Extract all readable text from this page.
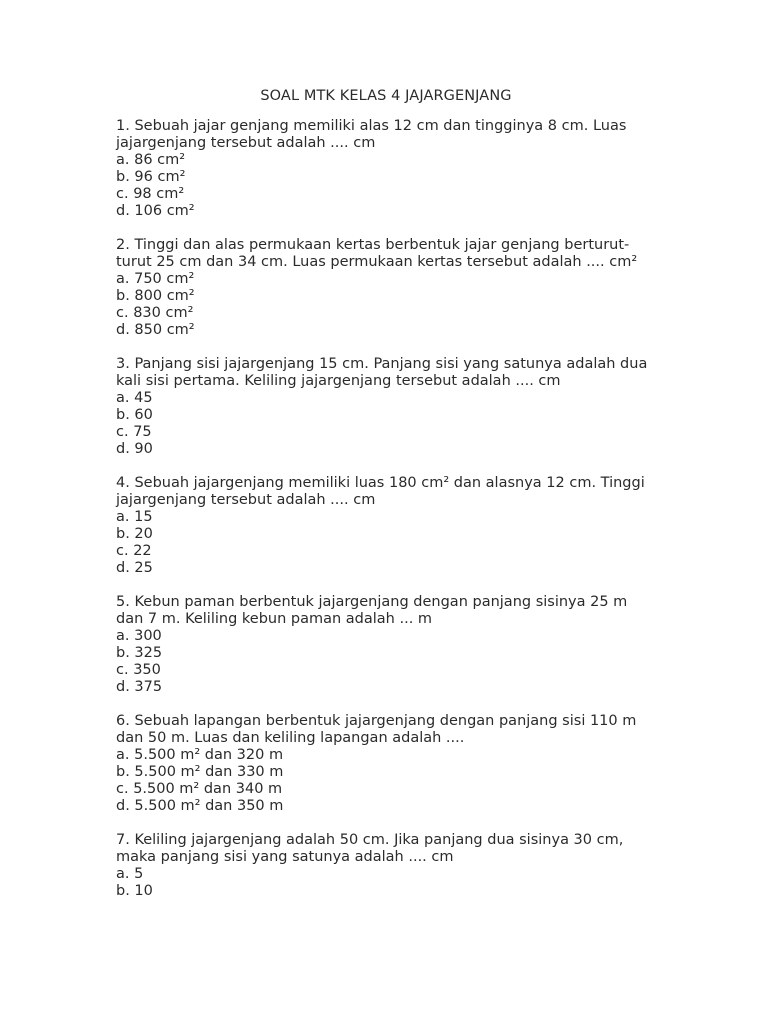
SOAL MTK KELAS 4 JAJARGENJANG

1. Sebuah jajar genjang memiliki alas 12 cm dan tingginya 8 cm. Luas jajargenjang tersebut adalah .... cm

a. 86 cm²

b. 96 cm²

c. 98 cm²

d. 106 cm²

2. Tinggi dan alas permukaan kertas berbentuk jajar genjang berturut-turut 25 cm dan 34 cm. Luas permukaan kertas tersebut adalah .... cm²

a. 750 cm²

b. 800 cm²

c. 830 cm²

d. 850 cm²

3. Panjang sisi jajargenjang 15 cm. Panjang sisi yang satunya adalah dua kali sisi pertama. Keliling jajargenjang tersebut adalah .... cm

a. 45

b. 60

c. 75

d. 90

4. Sebuah jajargenjang memiliki luas 180 cm² dan alasnya 12 cm. Tinggi jajargenjang tersebut adalah .... cm

a. 15

b. 20

c. 22

d. 25

5. Kebun paman berbentuk jajargenjang dengan panjang sisinya 25 m dan 7 m. Keliling kebun paman adalah ... m

a. 300

b. 325

c. 350

d. 375

6. Sebuah lapangan berbentuk jajargenjang dengan panjang sisi 110 m dan 50 m. Luas dan keliling lapangan adalah ....

a. 5.500 m² dan 320 m

b. 5.500 m² dan 330 m

c. 5.500 m² dan 340 m

d. 5.500 m² dan 350 m

7. Keliling jajargenjang adalah 50 cm. Jika panjang dua sisinya 30 cm, maka panjang sisi yang satunya adalah .... cm

a. 5

b. 10
